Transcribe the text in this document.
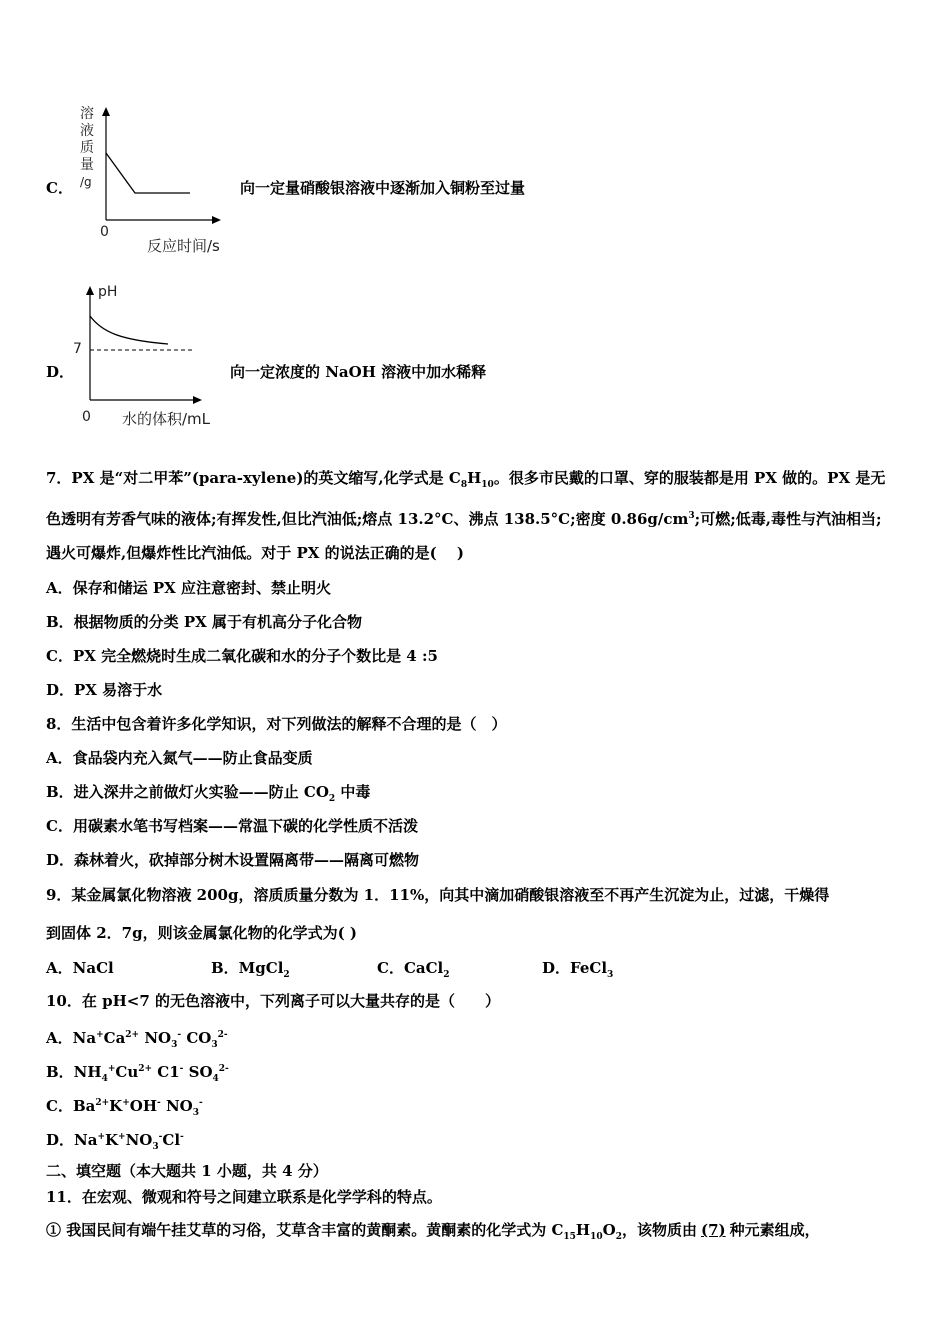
C．
溶
液
质
量
/g
0
反应时间/s
向一定量硝酸银溶液中逐渐加入铜粉至过量
D．
pH
7
0 水的体积/mL
向一定浓度的 NaOH 溶液中加水稀释
7．PX 是“对二甲苯”(para-xylene)的英文缩写,化学式是 $C_8H_{10}$。很多市民戴的口罩、穿的服装都是用 PX 做的。PX 是无
色透明有芳香气味的液体;有挥发性,但比汽油低;熔点 13.2°C、沸点 138.5°C;密度 $0.86g/cm^3$;可燃;低毒,毒性与汽油相当;
遇火可爆炸,但爆炸性比汽油低。对于 PX 的说法正确的是(　 )
A．保存和储运 PX 应注意密封、禁止明火
B．根据物质的分类 PX 属于有机高分子化合物
C．PX 完全燃烧时生成二氧化碳和水的分子个数比是 4 :5
D．PX 易溶于水
8．生活中包含着许多化学知识，对下列做法的解释不合理的是（　）
A．食品袋内充入氮气——防止食品变质
B．进入深井之前做灯火实验——防止 $CO_2$ 中毒
C．用碳素水笔书写档案——常温下碳的化学性质不活泼
D．森林着火，砍掉部分树木设置隔离带——隔离可燃物
9．某金属氯化物溶液 200g，溶质质量分数为 1．11%，向其中滴加硝酸银溶液至不再产生沉淀为止，过滤，干燥得
到固体 2．7g，则该金属氯化物的化学式为( )
A．NaCl	B．MgCl$_2$	C．CaCl$_2$	D．FeCl$_3$
10．在 pH<7 的无色溶液中，下列离子可以大量共存的是（　　）
A．$Na^+Ca^{2+}$ $NO_3^-$ $CO_3^{2-}$
B．$NH_4^+Cu^{2+}$ C1- $SO_4^{2-}$
C．$Ba^{2+}K^+OH^-$ $NO_3^-$
D．$Na^+K^+NO_3^-Cl^-$
二、填空题（本大题共 1 小题，共 4 分）
11．在宏观、微观和符号之间建立联系是化学学科的特点。
① 我国民间有端午挂艾草的习俗，艾草含丰富的黄酮素。黄酮素的化学式为 $C_{15}H_{10}O_2$，该物质由 (7) 种元素组成，
